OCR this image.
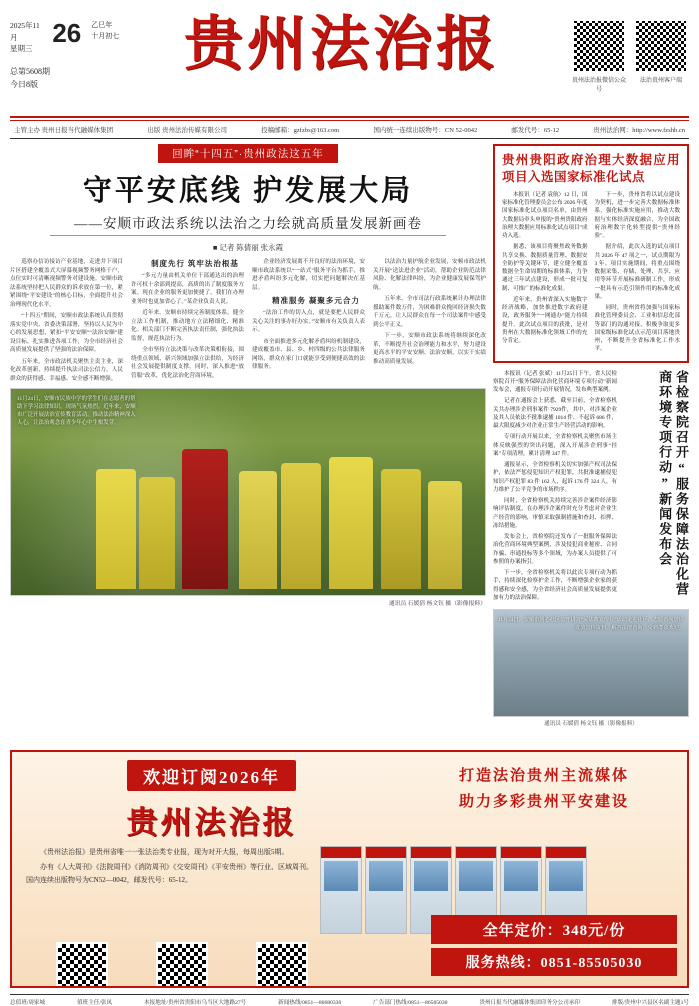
2025年11月
星期三
26	乙巳年
十月初七
总第5608期
今日8版
贵州法治报
贵州法治报微信公众号
法治贵州客户端
主管主办 贵州日报当代融媒体集团	出版 贵州法治传媒有限公司	投稿邮箱：gzfzbs@163.com	国内统一连续出版物号：CN 52-0042	邮发代号：65-12	贵州法治网：http://www.fzshb.cn
回眸“十四五”·贵州政法这五年
守平安底线 护发展大局
——安顺市政法系统以法治之力绘就高质量发展新画卷
■ 记者 陈倩丽 张永霞

巡察办信访接访产业基地，走进井下项目片区搭建全覆盖式大屏幕视频警务网格千户，点位实时可清晰视频警务对建设施。安顺市政法系统坚持把人民群众的诉求放在第一位，紧紧围绕“平安建设”的核心目标，全面提升社会治理现代化水平。

“十四五”期间，安顺市政法系统认真贯彻落实党中央、省委决策部署，坚持以人民为中心的发展思想，紧扣“平安安顺”“法治安顺”建设目标，扎实推进各项工作，为全市经济社会高质量发展提供了坚强的法治保障。

五年来，全市政法机关聚焦主责主业，深化改革创新，持续提升执法司法公信力，人民群众的获得感、幸福感、安全感不断增强。

制度先行 筑牢法治根基

“多元力量由机关单位干部通达出的治理许可权十余部到提高，高质的出了制度服务方案。现在企业的服务更加便捷了，我们在办理业务时也更加省心了。”某企业负责人说。

近年来，安顺市持续完善制度体系，健全立法工作机制，推动地方立法精细化、精准化。相关部门不断完善执法责任制，强化执法监督，规范执法行为。

全市坚持立法决策与改革决策相衔接，围绕重点领域、新兴领域加强立法供给，为经济社会发展提供制度支撑。同时，深入推进“放管服”改革，优化法治化营商环境。

企业经济发展离不开良好的法治环境，安顺市政法系统以“一站式”服务平台为抓手，推进矛盾纠纷多元化解，切实把问题解决在基层。

精准服务 凝聚多元合力

“法治工作的切入点，就是要把人民群众关心关注的事办好办实。”安顺市有关负责人表示。

市全面推进多元化解矛盾纠纷机制建设，建成覆盖市、县、乡、村四级的公共法律服务网络，群众在家门口就能享受到便捷高效的法律服务。

以法治力量护航企业发展，安顿市政法机关开展“送法进企业”活动，帮助企业防范法律风险、化解法律纠纷，为企业健康发展保驾护航。

五年来，全市司法行政系统累计办理法律援助案件数万件，为困难群众挽回经济损失数千万元，让人民群众在每一个司法案件中感受到公平正义。

下一步，安顺市政法系统将继续深化改革，不断提升社会治理能力和水平，努力建设更高水平的平安安顺、法治安顺，以实干实绩推动高质量发展。

11月24日，安顺市民族中学的学生们在志愿者的帮助下学习法律知识，现场气氛热烈。近年来，安顺市广泛开展法治宣传教育活动，推动法治精神深入人心，让法治观念在青少年心中生根发芽。
通讯员 石媛倩 杨文钰 摄（影像报料）
贵州贵阳政府治理大数据应用项目入选国家标准化试点

本报讯（记者 袁航）12 日，国家标准化管理委员会公布 2026 年度国家标准化试点项目名单，由贵州大数据局牵头申报的“贵州贵阳政府治理大数据应用标准化试点项目”成功入选。

据悉，该项目将聚焦政务数据共享交换、数据质量管理、数据安全防护等关键环节，建立健全覆盖数据全生命周期的标准体系，力争通过三年试点建设，形成一批可复制、可推广的标准化成果。

近年来，贵州省深入实施数字经济战略，加快推进数字政府建设，政务服务“一网通办”能力持续提升。此次试点项目的获批，是对贵州在大数据标准化领域工作的充分肯定。

下一步，贵州省将以试点建设为契机，进一步完善大数据标准体系，强化标准实施应用，推动大数据与实体经济深度融合，为全国政府治理数字化转型提供“贵州经验”。

据介绍，此次入选的试点项目共 2026 年 47 项之一，试点期限为 3 年。项目实施期间，将重点围绕数据采集、存储、处理、共享、应用等环节开展标准研制工作，形成一批具有示范引领作用的标准化成果。

同时，贵州省将加强与国家标准化管理委员会、工业和信息化部等部门的沟通对接，积极争取更多国家级标准化试点示范项目落地贵州，不断提升全省标准化工作水平。

本报讯（记者 张斌）11月25日下午，省人民检察院召开“服务保障法治化营商环境专项行动”新闻发布会，通报专项行动开展情况，发布典型案例。

记者在通报会上获悉，截至目前，全省检察机关共办理涉企刑事案件 7929件，其中，对涉案企业及其人员依法不批准逮捕 1014 件、不起诉 686 件，最大限度减少对企业正常生产经营活动的影响。

专项行动开展以来，全省检察机关聚焦市场主体反映强烈的突出问题，深入开展涉企刑事“挂案”专项清理，累计清理 347 件。

通报显示，全省检察机关切实加强产权司法保护，依法严惩侵犯知识产权犯罪，共批准逮捕侵犯知识产权犯罪 83 件 162 人，起诉 176 件 324 人，有力维护了公平竞争的市场秩序。

同时，全省检察机关持续完善涉企案件经济影响评估制度，在办理涉企案件时充分考虑对企业生产经营的影响，审慎采取强制措施和查封、扣押、冻结措施。

发布会上，省检察院还发布了一批服务保障法治化营商环境典型案例，涉及侵犯商业秘密、合同诈骗、串通投标等多个领域，为办案人员提供了可参照的办案指引。

下一步，全省检察机关将以此次专项行动为抓手，持续深化检察护企工作，不断增强企业家的获得感和安全感，为全省经济社会高质量发展提供更加有力的法治保障。

省检察院召开“服务保障法治化营商环境专项行动”新闻发布会
11月24日，安顺市同心社区公开讲习“民法典宣传月”活动走进社区，志愿者向居民发放宣传资料，解答法律咨询，受到群众欢迎。
通讯员 石媛倩 杨文钰 摄（影像报料）
欢迎订阅2026年
贵州法治报
打造法治贵州主流媒体
助力多彩贵州平安建设

《贵州法治报》是贵州省唯一一张法治类专业报，现为对开大报，每周出版5期。

办有《人大周刊》《法院周刊》《消防周刊》《交安周刊》《平安贵州》等行业、区域周刊。国内连续出版物号为CN52—0042，邮发代号：65-12。

全年定价：348元/份
服务热线：0851-85505030
总值班/周家城	值班主任/张凤	本报地址/贵州省贵阳市乌当区大地路27号	新闻热线/0851—86680330	广告部门热线/0851—86505030	贵州日报当代融媒体集团印务分公司承印	排版/贵州中兴县区名副主题1号
